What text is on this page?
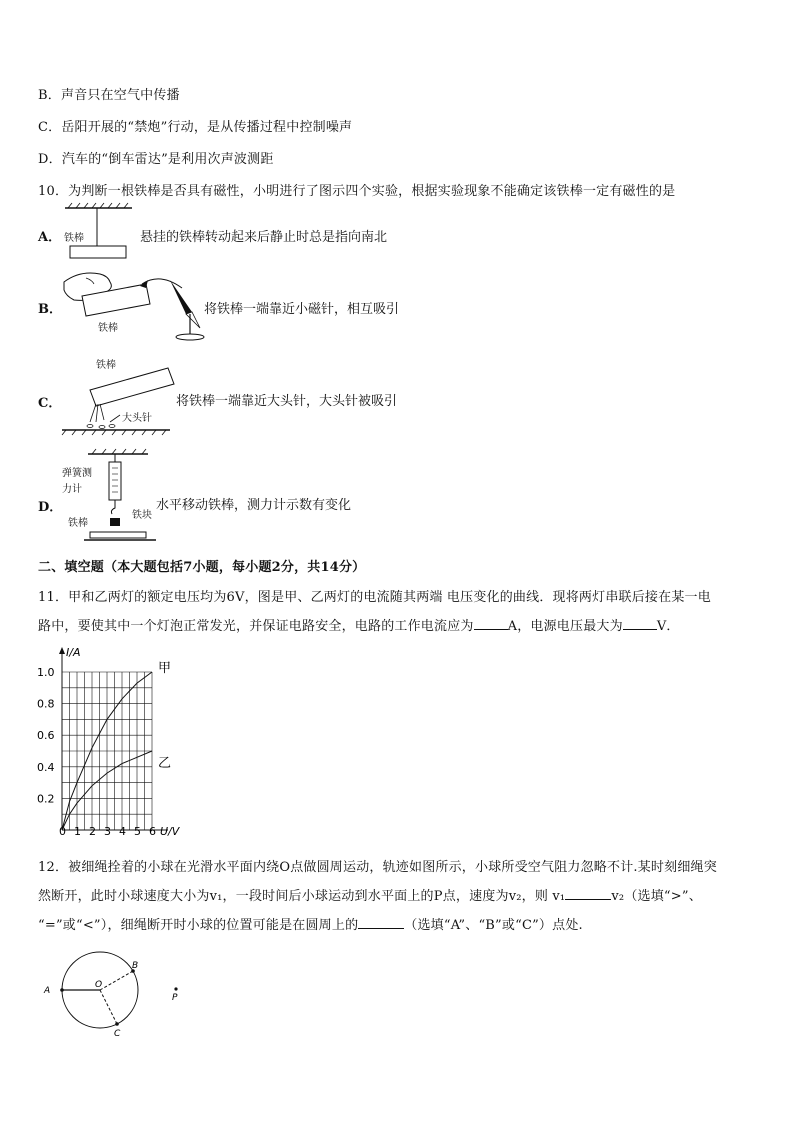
B．声音只在空气中传播
C．岳阳开展的“禁炮”行动，是从传播过程中控制噪声
D．汽车的“倒车雷达”是利用次声波测距
10．为判断一根铁棒是否具有磁性，小明进行了图示四个实验，根据实验现象不能确定该铁棒一定有磁性的是
A． 铁棒	悬挂的铁棒转动起来后静止时总是指向南北
B．
铁棒
将铁棒一端靠近小磁针，相互吸引
C．
铁棒
大头针
将铁棒一端靠近大头针，大头针被吸引
D．
弹簧测
力计
铁块
铁棒
水平移动铁棒，测力计示数有变化
二、填空题（本大题包括7小题，每小题2分，共14分）
11．甲和乙两灯的额定电压均为6V，图是甲、乙两灯的电流随其两端 电压变化的曲线．现将两灯串联后接在某一电
路中，要使其中一个灯泡正常发光，并保证电路安全，电路的工作电流应为	A，电源电压最大为	V．
I/A
U/V
0 1 2 3 4 5 6
0.2
0.4
0.6
0.8
1.0	甲
乙
12．被细绳拴着的小球在光滑水平面内绕O点做圆周运动，轨迹如图所示，小球所受空气阻力忽略不计.某时刻细绳突
然断开，此时小球速度大小为v₁，一段时间后小球运动到水平面上的P点，速度为v₂，则 v₁	v₂（选填“>”、
“=”或“<”），细绳断开时小球的位置可能是在圆周上的	（选填“A”、“B”或“C”）点处.
A
O
B
C
P
